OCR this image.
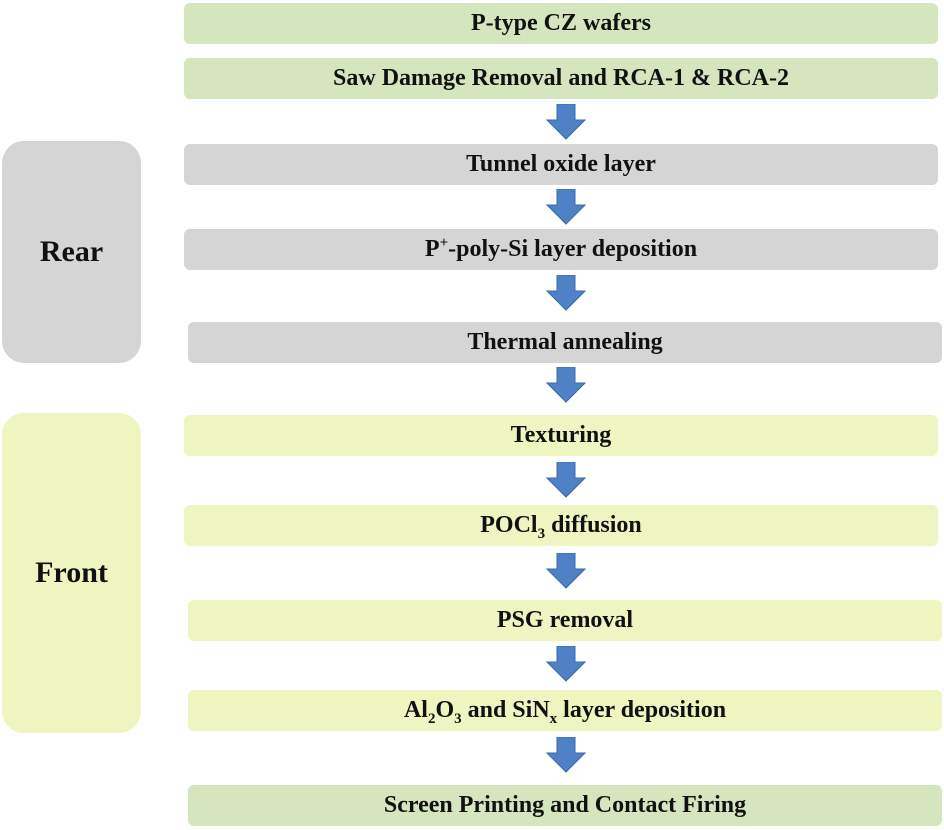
Rear
Front
P-type CZ wafers
Saw Damage Removal and RCA-1 & RCA-2
Tunnel oxide layer
P+-poly-Si layer deposition
Thermal annealing
Texturing
POCl$_3$ diffusion
PSG removal
$Al_2O_3$ and SiN$_x$ layer deposition
Screen Printing and Contact Firing
